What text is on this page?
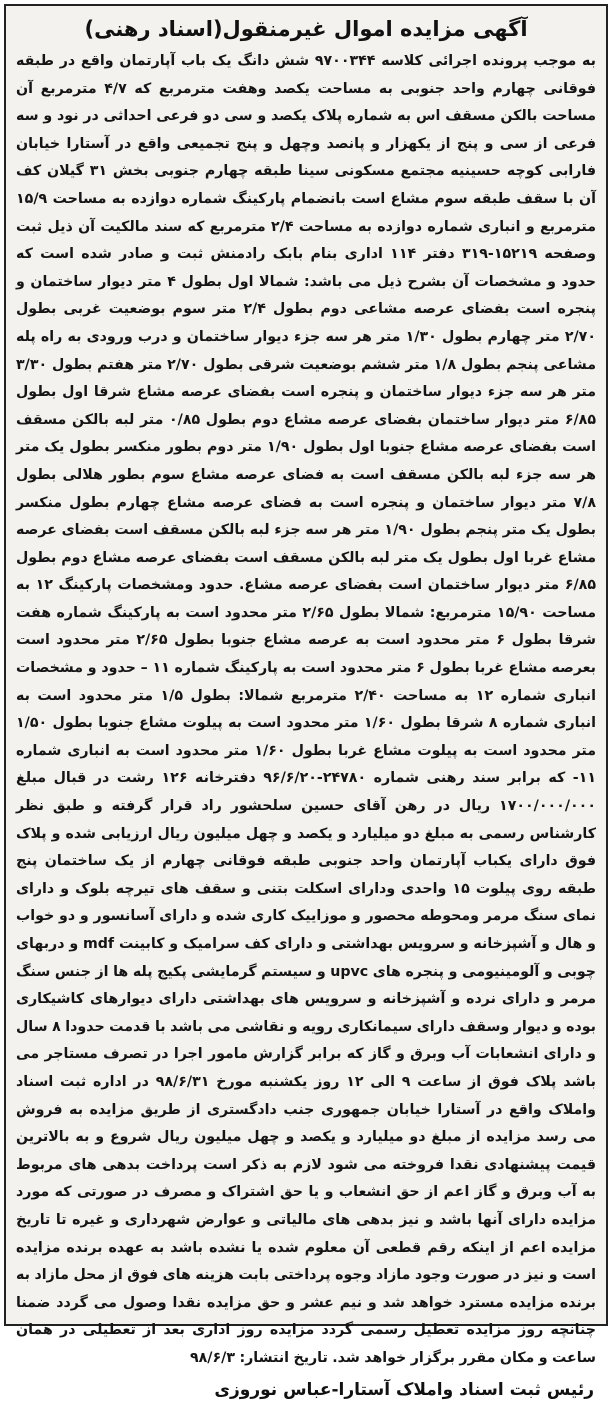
آگهی مزایده اموال غیرمنقول(اسناد رهنی)
به موجب پرونده اجرائی کلاسه ۹۷۰۰۳۴۴ شش دانگ یک باب آپارتمان واقع در طبقه فوقانی چهارم واحد جنوبی به مساحت یکصد وهفت مترمربع که ۴/۷ مترمربع آن مساحت بالکن مسقف اس به شماره پلاک یکصد و سی دو فرعی احداثی در نود و سه فرعی از سی و پنج از یکهزار و پانصد وچهل و پنج تجمیعی واقع در آستارا خیابان فارابی کوچه حسینیه مجتمع مسکونی سینا طبقه چهارم جنوبی بخش ۳۱ گیلان کف آن با سقف طبقه سوم مشاع است بانضمام پارکینگ شماره دوازده به مساحت ۱۵/۹ مترمربع و انباری شماره دوازده به مساحت ۲/۴ مترمربع که سند مالکیت آن ذیل ثبت وصفحه ۱۵۲۱۹-۳۱۹ دفتر ۱۱۴ اداری بنام بابک رادمنش ثبت و صادر شده است که حدود و مشخصات آن بشرح ذیل می باشد: شمالا اول بطول ۴ متر دیوار ساختمان و پنجره است بفضای عرصه مشاعی دوم بطول ۲/۴ متر سوم بوضعیت غربی بطول ۲/۷۰ متر چهارم بطول ۱/۳۰ متر هر سه جزء دیوار ساختمان و درب ورودی به راه پله مشاعی پنجم بطول ۱/۸ متر ششم بوضعیت شرقی بطول ۲/۷۰ متر هفتم بطول ۳/۳۰ متر هر سه جزء دیوار ساختمان و پنجره است بفضای عرصه مشاع شرقا اول بطول ۶/۸۵ متر دیوار ساختمان بفضای عرصه مشاع دوم بطول ۰/۸۵ متر لبه بالکن مسقف است بفضای عرصه مشاع جنوبا اول بطول ۱/۹۰ متر دوم بطور منکسر بطول یک متر هر سه جزء لبه بالکن مسقف است به فضای عرصه مشاع سوم بطور هلالی بطول ۷/۸ متر دیوار ساختمان و پنجره است به فضای عرصه مشاع چهارم بطول منکسر بطول یک متر پنجم بطول ۱/۹۰ متر هر سه جزء لبه بالکن مسقف است بفضای عرصه مشاع غربا اول بطول یک متر لبه بالکن مسقف است بفضای عرصه مشاع دوم بطول ۶/۸۵ متر دیوار ساختمان است بفضای عرصه مشاع. حدود ومشخصات پارکینگ ۱۲ به مساحت ۱۵/۹۰ مترمربع: شمالا بطول ۲/۶۵ متر محدود است به پارکینگ شماره هفت شرقا بطول ۶ متر محدود است به عرصه مشاع جنوبا بطول ۲/۶۵ متر محدود است بعرصه مشاع غربا بطول ۶ متر محدود است به پارکینگ شماره ۱۱ – حدود و مشخصات انباری شماره ۱۲ به مساحت ۲/۴۰ مترمربع شمالا: بطول ۱/۵ متر محدود است به انباری شماره ۸ شرقا بطول ۱/۶۰ متر محدود است به پیلوت مشاع جنوبا بطول ۱/۵۰ متر محدود است به پیلوت مشاع غربا بطول ۱/۶۰ متر محدود است به انباری شماره ۱۱- که برابر سند رهنی شماره ۲۴۷۸۰-۹۶/۶/۲۰ دفترخانه ۱۲۶ رشت در قبال مبلغ ۱۷۰۰/۰۰۰/۰۰۰ ریال در رهن آقای حسین سلحشور راد قرار گرفته و طبق نظر کارشناس رسمی به مبلغ دو میلیارد و یکصد و چهل میلیون ریال ارزیابی شده و پلاک فوق دارای یکباب آپارتمان واحد جنوبی طبقه فوقانی چهارم از یک ساختمان پنج طبقه روی پیلوت ۱۵ واحدی ودارای اسکلت بتنی و سقف های تیرچه بلوک و دارای نمای سنگ مرمر ومحوطه محصور و موزاییک کاری شده و دارای آسانسور و دو خواب و هال و آشپزخانه و سرویس بهداشتی و دارای کف سرامیک و کابینت mdf و دربهای چوبی و آلومینیومی و پنجره های upvc و سیستم گرمایشی پکیج پله ها از جنس سنگ مرمر و دارای نرده و آشپزخانه و سرویس های بهداشتی دارای دیوارهای کاشیکاری بوده و دیوار وسقف دارای سیمانکاری رویه و نقاشی می باشد با قدمت حدودا ۸ سال و دارای انشعابات آب وبرق و گاز که برابر گزارش مامور اجرا در تصرف مستاجر می باشد پلاک فوق از ساعت ۹ الی ۱۲ روز یکشنبه مورخ ۹۸/۶/۳۱ در اداره ثبت اسناد واملاک واقع در آستارا خیابان جمهوری جنب دادگستری از طریق مزایده به فروش می رسد مزایده از مبلغ دو میلیارد و یکصد و چهل میلیون ریال شروع و به بالاترین قیمت پیشنهادی نقدا فروخته می شود لازم به ذکر است پرداخت بدهی های مربوط به آب وبرق و گاز اعم از حق انشعاب و یا حق اشتراک و مصرف در صورتی که مورد مزایده دارای آنها باشد و نیز بدهی های مالیاتی و عوارض شهرداری و غیره تا تاریخ مزایده اعم از اینکه رقم قطعی آن معلوم شده یا نشده باشد به عهده برنده مزایده است و نیز در صورت وجود مازاد وجوه پرداختی بابت هزینه های فوق از محل مازاد به برنده مزایده مسترد خواهد شد و نیم عشر و حق مزایده نقدا وصول می گردد ضمنا چنانچه روز مزایده تعطیل رسمی گردد مزایده روز اداری بعد از تعطیلی در همان ساعت و مکان مقرر برگزار خواهد شد. تاریخ انتشار: ۹۸/۶/۳
رئیس ثبت اسناد واملاک آستارا-عباس نوروزی
